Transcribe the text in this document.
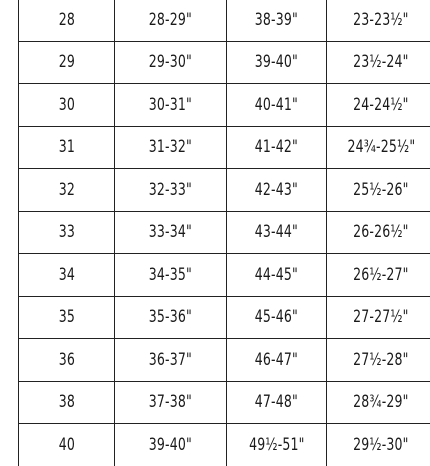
28	28-29"	38-39"	23-23½"
29	29-30"	39-40"	23½-24"
30	30-31"	40-41"	24-24½"
31	31-32"	41-42"	24¾-25½"
32	32-33"	42-43"	25½-26"
33	33-34"	43-44"	26-26½"
34	34-35"	44-45"	26½-27"
35	35-36"	45-46"	27-27½"
36	36-37"	46-47"	27½-28"
38	37-38"	47-48"	28¾-29"
40	39-40"	49½-51"	29½-30"
